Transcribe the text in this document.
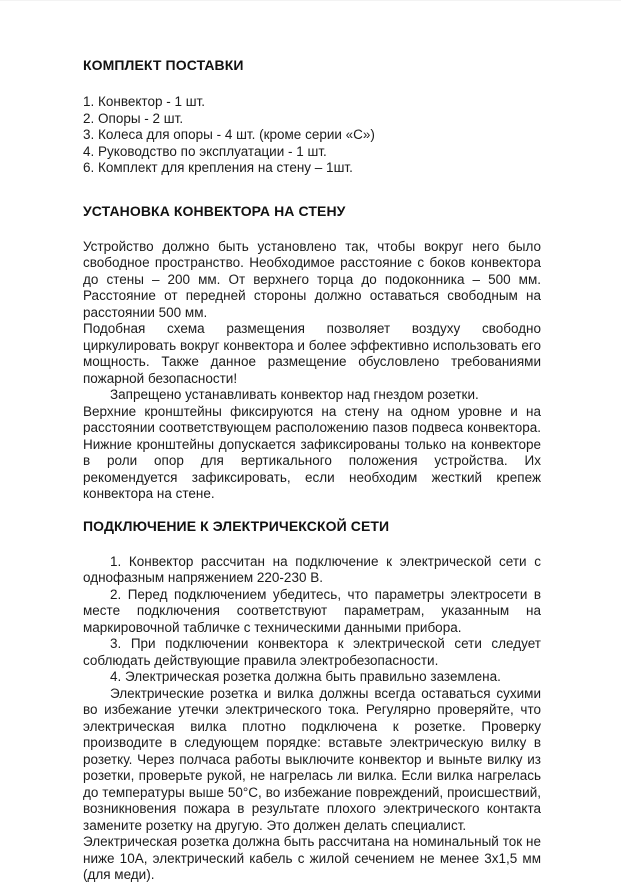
КОМПЛЕКТ ПОСТАВКИ

1. Конвектор - 1 шт.

2. Опоры - 2 шт.

3. Колеса для опоры - 4 шт. (кроме серии «С»)

4. Руководство по эксплуатации - 1 шт.

6. Комплект для крепления на стену – 1шт.

УСТАНОВКА КОНВЕКТОРА НА СТЕНУ

Устройство должно быть установлено так, чтобы вокруг него было свободное пространство. Необходимое расстояние с боков конвектора до стены – 200 мм. От верхнего торца до подоконника – 500 мм. Расстояние от передней стороны должно оставаться свободным на расстоянии 500 мм.

Подобная схема размещения позволяет воздуху свободно циркулировать вокруг конвектора и более эффективно использовать его мощность. Также данное размещение обусловлено требованиями пожарной безопасности!

Запрещено устанавливать конвектор над гнездом розетки.

Верхние кронштейны фиксируются на стену на одном уровне и на расстоянии соответствующем расположению пазов подвеса конвектора. Нижние кронштейны допускается зафиксированы только на конвекторе в роли опор для вертикального положения устройства. Их рекомендуется зафиксировать, если необходим жесткий крепеж конвектора на стене.

ПОДКЛЮЧЕНИЕ К ЭЛЕКТРИЧЕКСКОЙ СЕТИ

1. Конвектор рассчитан на подключение к электрической сети с однофазным напряжением 220-230 В.

2. Перед подключением убедитесь, что параметры электросети в месте подключения соответствуют параметрам, указанным на маркировочной табличке с техническими данными прибора.

3. При подключении конвектора к электрической сети следует соблюдать действующие правила электробезопасности.

4. Электрическая розетка должна быть правильно заземлена.

Электрические розетка и вилка должны всегда оставаться сухими во избежание утечки электрического тока. Регулярно проверяйте, что электрическая вилка плотно подключена к розетке. Проверку производите в следующем порядке: вставьте электрическую вилку в розетку. Через полчаса работы выключите конвектор и выньте вилку из розетки, проверьте рукой, не нагрелась ли вилка. Если вилка нагрелась до температуры выше 50°С, во избежание повреждений, происшествий, возникновения пожара в результате плохого электрического контакта замените розетку на другую. Это должен делать специалист.

Электрическая розетка должна быть рассчитана на номинальный ток не ниже 10А, электрический кабель с жилой сечением не менее 3х1,5 мм (для меди).
